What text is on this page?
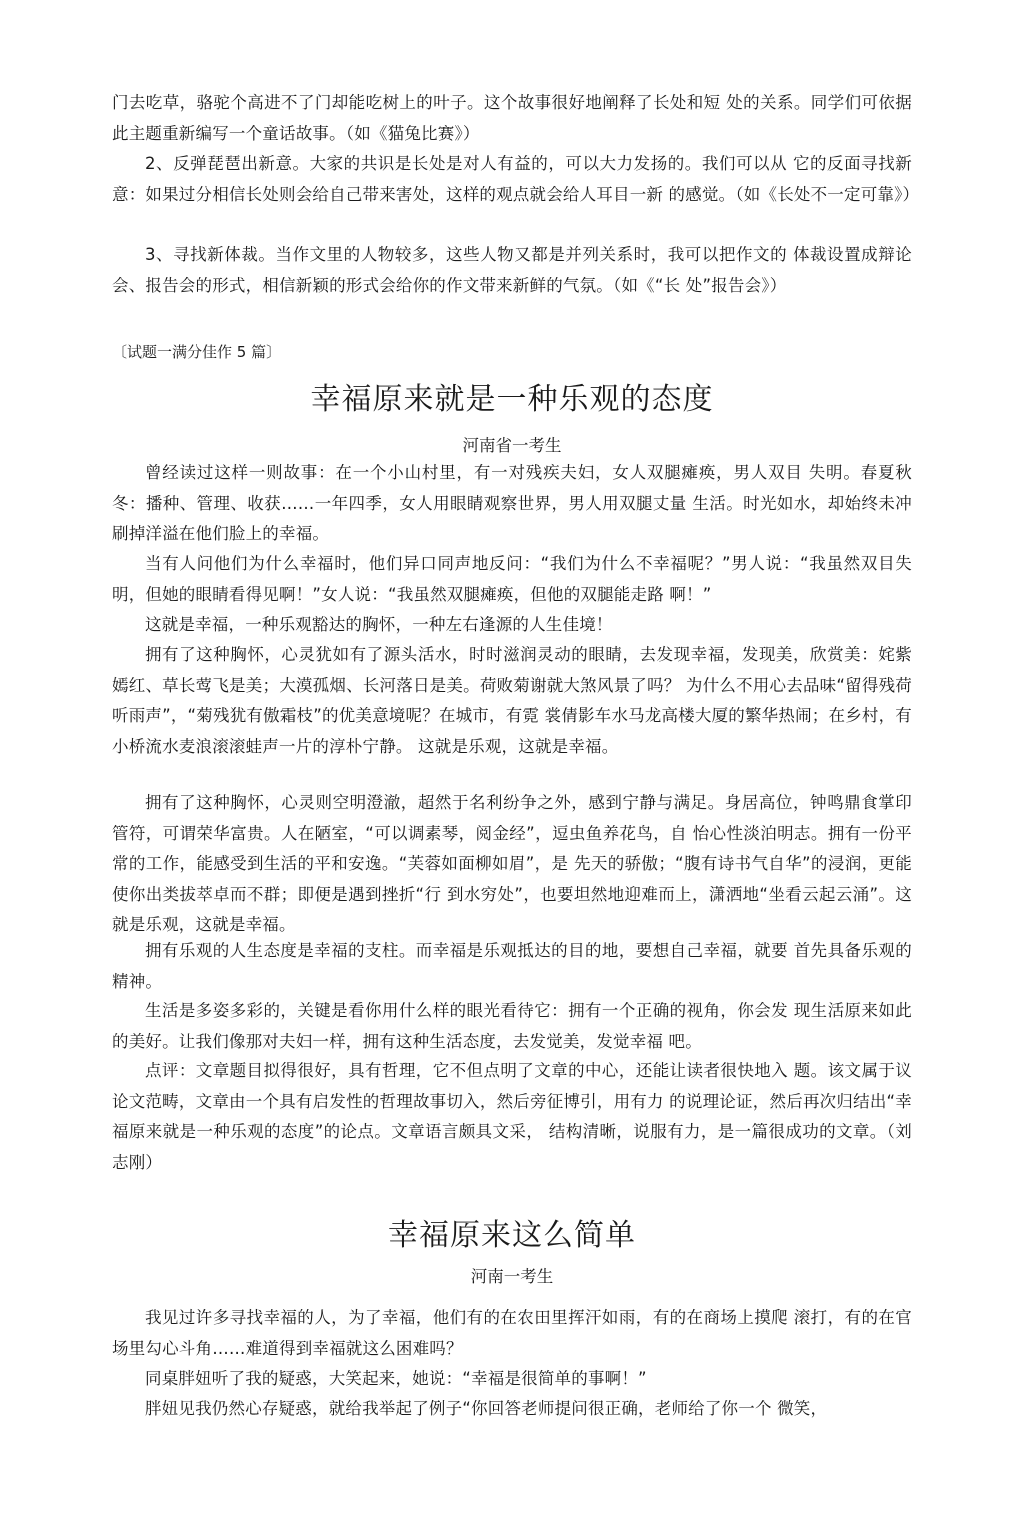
门去吃草，骆驼个高进不了门却能吃树上的叶子。这个故事很好地阐释了长处和短 处的关系。同学们可依据此主题重新编写一个童话故事。（如《猫兔比赛》）

2、反弹琵琶出新意。大家的共识是长处是对人有益的，可以大力发扬的。我们可以从 它的反面寻找新意：如果过分相信长处则会给自己带来害处，这样的观点就会给人耳目一新 的感觉。（如《长处不一定可靠》）

3、寻找新体裁。当作文里的人物较多，这些人物又都是并列关系时，我可以把作文的 体裁设置成辩论会、报告会的形式，相信新颖的形式会给你的作文带来新鲜的气氛。（如《“长 处”报告会》）

〔试题一满分佳作 5 篇〕
幸福原来就是一种乐观的态度
河南省一考生

曾经读过这样一则故事：在一个小山村里，有一对残疾夫妇，女人双腿瘫痪，男人双目 失明。春夏秋冬：播种、管理、收获……一年四季，女人用眼睛观察世界，男人用双腿丈量 生活。时光如水，却始终未冲刷掉洋溢在他们脸上的幸福。

当有人问他们为什么幸福时，他们异口同声地反问：“我们为什么不幸福呢？”男人说：“我虽然双目失明，但她的眼睛看得见啊！”女人说：“我虽然双腿瘫痪，但他的双腿能走路 啊！”

这就是幸福，一种乐观豁达的胸怀，一种左右逢源的人生佳境！

拥有了这种胸怀，心灵犹如有了源头活水，时时滋润灵动的眼睛，去发现幸福，发现美，欣赏美：姹紫嫣红、草长莺飞是美；大漠孤烟、长河落日是美。荷败菊谢就大煞风景了吗？ 为什么不用心去品味“留得残荷听雨声”，“菊残犹有傲霜枝”的优美意境呢？在城市，有霓 裳倩影车水马龙高楼大厦的繁华热闹；在乡村，有小桥流水麦浪滚滚蛙声一片的淳朴宁静。 这就是乐观，这就是幸福。

拥有了这种胸怀，心灵则空明澄澈，超然于名利纷争之外，感到宁静与满足。身居高位，钟鸣鼎食掌印管符，可谓荣华富贵。人在陋室，“可以调素琴，阅金经”，逗虫鱼养花鸟，自 怡心性淡泊明志。拥有一份平常的工作，能感受到生活的平和安逸。“芙蓉如面柳如眉”，是 先天的骄傲；“腹有诗书气自华”的浸润，更能使你出类拔萃卓而不群；即便是遇到挫折“行 到水穷处”，也要坦然地迎难而上，潇洒地“坐看云起云涌”。这就是乐观，这就是幸福。

拥有乐观的人生态度是幸福的支柱。而幸福是乐观抵达的目的地，要想自己幸福，就要 首先具备乐观的精神。

生活是多姿多彩的，关键是看你用什么样的眼光看待它：拥有一个正确的视角，你会发 现生活原来如此的美好。让我们像那对夫妇一样，拥有这种生活态度，去发觉美，发觉幸福 吧。

点评：文章题目拟得很好，具有哲理，它不但点明了文章的中心，还能让读者很快地入 题。该文属于议论文范畴，文章由一个具有启发性的哲理故事切入，然后旁征博引，用有力 的说理论证，然后再次归结出“幸福原来就是一种乐观的态度”的论点。文章语言颇具文采， 结构清晰，说服有力，是一篇很成功的文章。（刘志刚）

幸福原来这么简单
河南一考生

我见过许多寻找幸福的人，为了幸福，他们有的在农田里挥汗如雨，有的在商场上摸爬 滚打，有的在官场里勾心斗角……难道得到幸福就这么困难吗？

同桌胖妞听了我的疑惑，大笑起来，她说：“幸福是很简单的事啊！”

胖妞见我仍然心存疑惑，就给我举起了例子“你回答老师提问很正确，老师给了你一个 微笑，
